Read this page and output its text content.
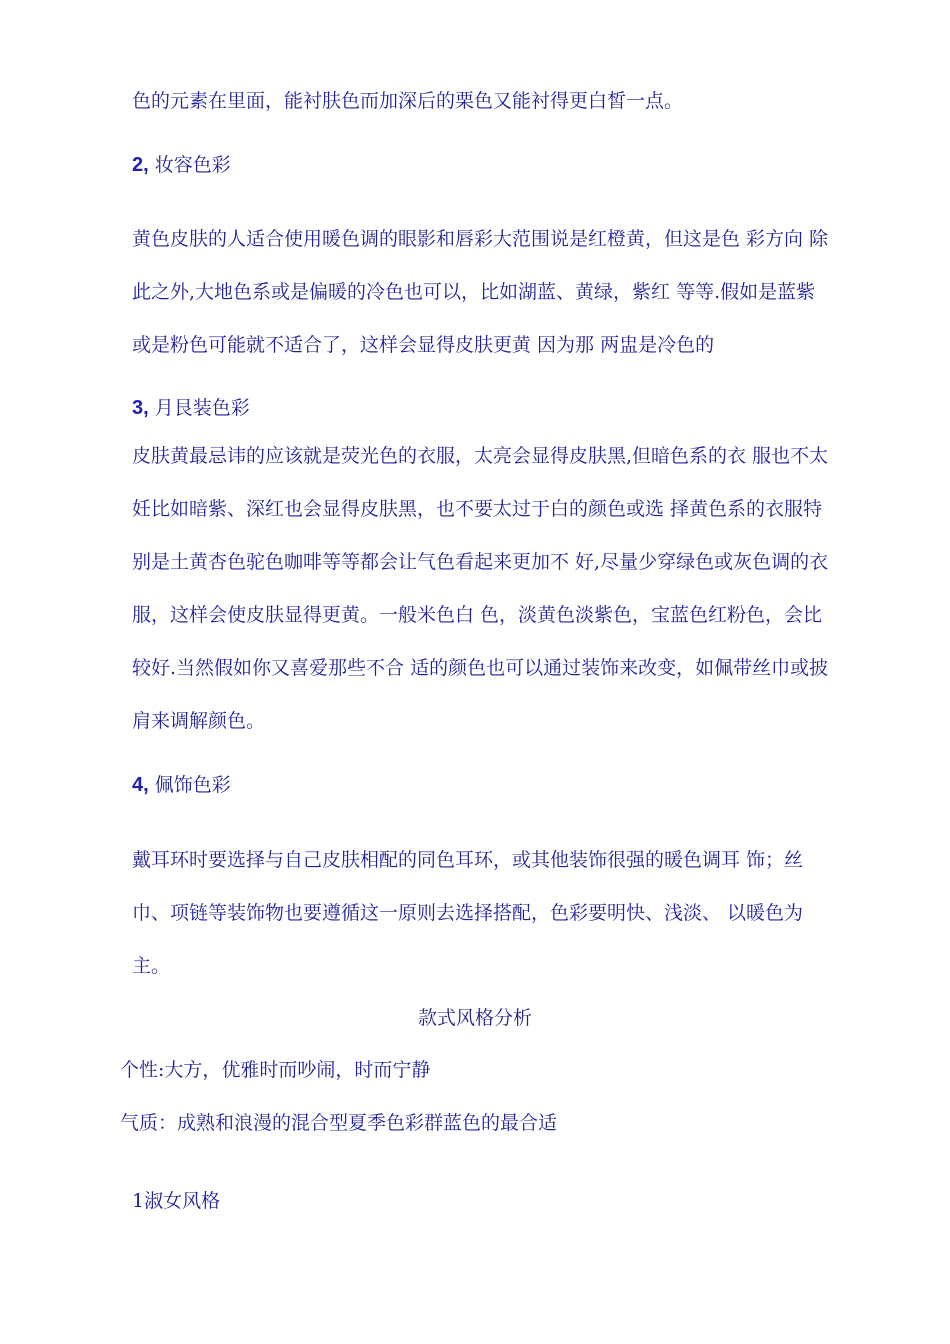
色的元素在里面，能衬肤色而加深后的栗色又能衬得更白皙一点。
2, 妆容色彩
黄色皮肤的人适合使用暖色调的眼影和唇彩大范围说是红橙黄，但这是色 彩方向 除
此之外,大地色系或是偏暖的冷色也可以，比如湖蓝、黄绿，紫红 等等.假如是蓝紫
或是粉色可能就不适合了，这样会显得皮肤更黄 因为那 两盅是冷色的
3, 月艮装色彩
皮肤黄最忌讳的应该就是荧光色的衣服，太亮会显得皮肤黑,但暗色系的衣 服也不太
妊比如暗紫、深红也会显得皮肤黑，也不要太过于白的颜色或选 择黄色系的衣服特
别是土黄杏色驼色咖啡等等都会让气色看起来更加不 好,尽量少穿绿色或灰色调的衣
服，这样会使皮肤显得更黄。一般米色白 色，淡黄色淡紫色，宝蓝色红粉色，会比
较好.当然假如你又喜爱那些不合 适的颜色也可以通过装饰来改变，如佩带丝巾或披
肩来调解颜色。
4, 佩饰色彩
戴耳环时要选择与自己皮肤相配的同色耳环，或其他装饰很强的暖色调耳 饰；丝
巾、项链等装饰物也要遵循这一原则去选择搭配，色彩要明快、浅淡、 以暖色为
主。
款式风格分析
个性:大方，优雅时而吵闹，时而宁静
气质：成熟和浪漫的混合型夏季色彩群蓝色的最合适
1淑女风格
